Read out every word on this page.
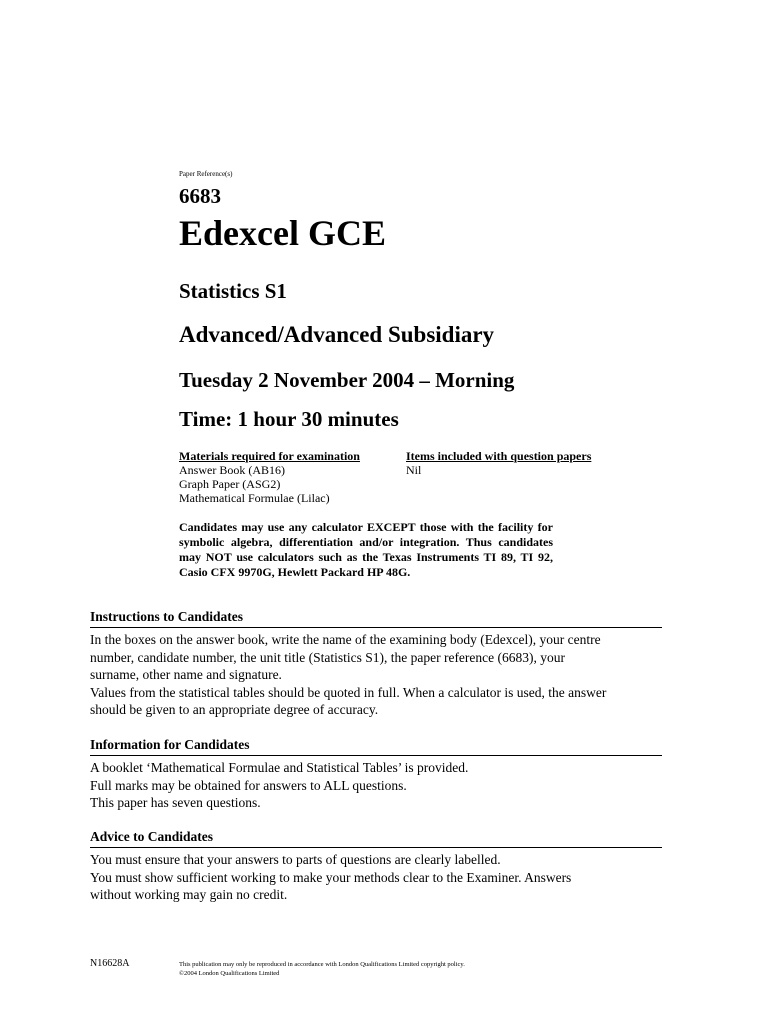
Paper Reference(s)
6683
Edexcel GCE
Statistics S1
Advanced/Advanced Subsidiary
Tuesday 2 November 2004 – Morning
Time: 1 hour 30 minutes
Materials required for examination
Answer Book (AB16)
Graph Paper (ASG2)
Mathematical Formulae (Lilac)
Items included with question papers
Nil
Candidates may use any calculator EXCEPT those with the facility for symbolic algebra, differentiation and/or integration. Thus candidates may NOT use calculators such as the Texas Instruments TI 89, TI 92, Casio CFX 9970G, Hewlett Packard HP 48G.
Instructions to Candidates
In the boxes on the answer book, write the name of the examining body (Edexcel), your centre
number, candidate number, the unit title (Statistics S1), the paper reference (6683), your
surname, other name and signature.
Values from the statistical tables should be quoted in full. When a calculator is used, the answer
should be given to an appropriate degree of accuracy.
Information for Candidates
A booklet ‘Mathematical Formulae and Statistical Tables’ is provided.
Full marks may be obtained for answers to ALL questions.
This paper has seven questions.
Advice to Candidates
You must ensure that your answers to parts of questions are clearly labelled.
You must show sufficient working to make your methods clear to the Examiner. Answers
without working may gain no credit.
N16628A	This publication may only be reproduced in accordance with London Qualifications Limited copyright policy.
©2004 London Qualifications Limited
